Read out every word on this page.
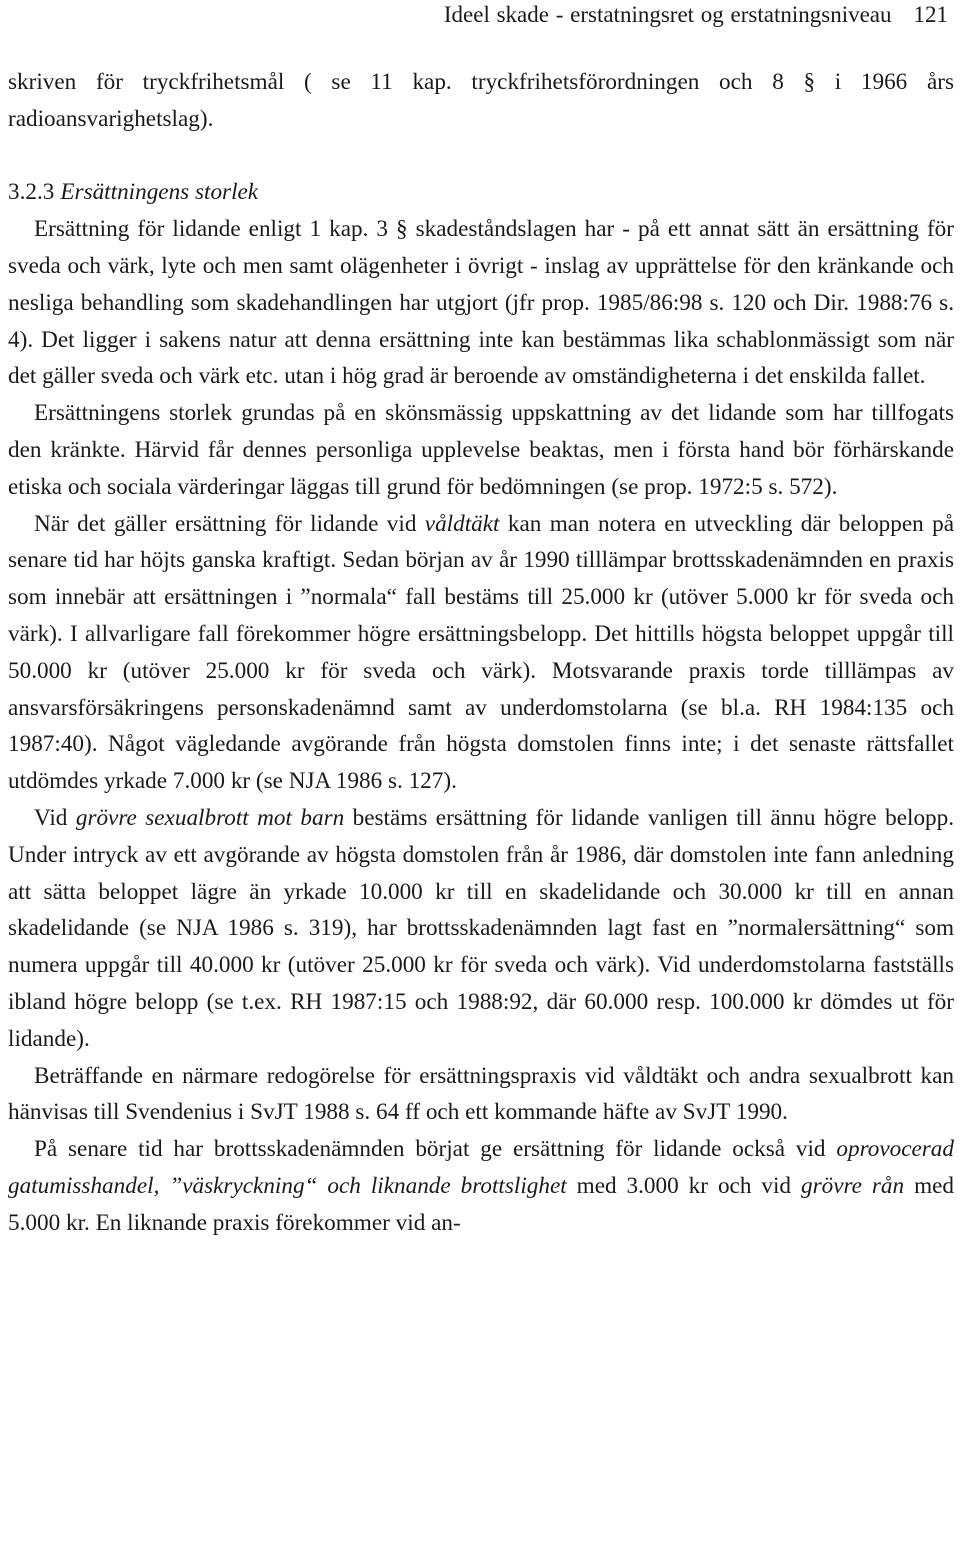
Ideel skade - erstatningsret og erstatningsniveau 121

skriven för tryckfrihetsmål ( se 11 kap. tryckfrihetsförordningen och 8 § i 1966 års radioansvarighetslag).

3.2.3 Ersättningens storlek

Ersättning för lidande enligt 1 kap. 3 § skadeståndslagen har - på ett annat sätt än ersättning för sveda och värk, lyte och men samt olägenheter i övrigt - inslag av upprättelse för den kränkande och nesliga behandling som skadehandlingen har utgjort (jfr prop. 1985/86:98 s. 120 och Dir. 1988:76 s. 4). Det ligger i sakens natur att denna ersättning inte kan bestämmas lika schablonmässigt som när det gäller sveda och värk etc. utan i hög grad är beroende av omständigheterna i det enskilda fallet.

Ersättningens storlek grundas på en skönsmässig uppskattning av det lidande som har tillfogats den kränkte. Härvid får dennes personliga upplevelse beaktas, men i första hand bör förhärskande etiska och sociala värderingar läggas till grund för bedömningen (se prop. 1972:5 s. 572).

När det gäller ersättning för lidande vid våldtäkt kan man notera en utveckling där beloppen på senare tid har höjts ganska kraftigt. Sedan början av år 1990 tilllämpar brottsskadenämnden en praxis som innebär att ersättningen i ”normala“ fall bestäms till 25.000 kr (utöver 5.000 kr för sveda och värk). I allvarligare fall förekommer högre ersättningsbelopp. Det hittills högsta beloppet uppgår till 50.000 kr (utöver 25.000 kr för sveda och värk). Motsvarande praxis torde tilllämpas av ansvarsförsäkringens personskadenämnd samt av underdomstolarna (se bl.a. RH 1984:135 och 1987:40). Något vägledande avgörande från högsta domstolen finns inte; i det senaste rättsfallet utdömdes yrkade 7.000 kr (se NJA 1986 s. 127).

Vid grövre sexualbrott mot barn bestäms ersättning för lidande vanligen till ännu högre belopp. Under intryck av ett avgörande av högsta domstolen från år 1986, där domstolen inte fann anledning att sätta beloppet lägre än yrkade 10.000 kr till en skadelidande och 30.000 kr till en annan skadelidande (se NJA 1986 s. 319), har brottsskadenämnden lagt fast en ”normalersättning“ som numera uppgår till 40.000 kr (utöver 25.000 kr för sveda och värk). Vid underdomstolarna fastställs ibland högre belopp (se t.ex. RH 1987:15 och 1988:92, där 60.000 resp. 100.000 kr dömdes ut för lidande).

Beträffande en närmare redogörelse för ersättningspraxis vid våldtäkt och andra sexualbrott kan hänvisas till Svendenius i SvJT 1988 s. 64 ff och ett kommande häfte av SvJT 1990.

På senare tid har brottsskadenämnden börjat ge ersättning för lidande också vid oprovocerad gatumisshandel, ”väskryckning“ och liknande brottslighet med 3.000 kr och vid grövre rån med 5.000 kr. En liknande praxis förekommer vid an-
